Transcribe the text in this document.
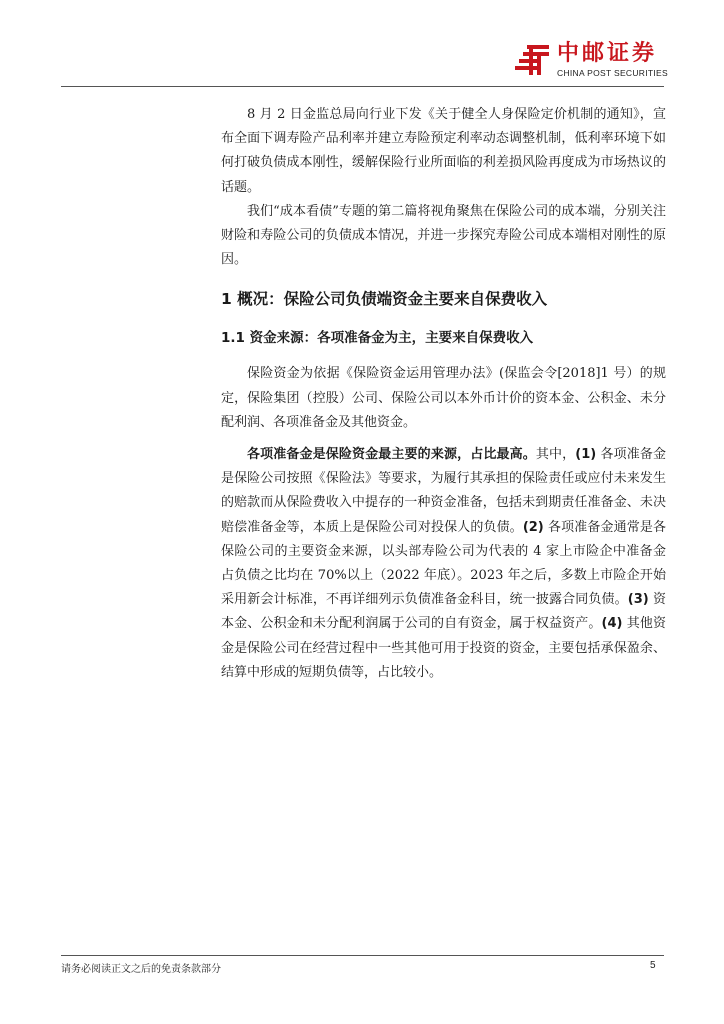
中邮证券
CHINA POST SECURITIES

8 月 2 日金监总局向行业下发《关于健全人身保险定价机制的通知》，宣布全面下调寿险产品利率并建立寿险预定利率动态调整机制，低利率环境下如何打破负债成本刚性，缓解保险行业所面临的利差损风险再度成为市场热议的话题。

我们“成本看债”专题的第二篇将视角聚焦在保险公司的成本端，分别关注财险和寿险公司的负债成本情况，并进一步探究寿险公司成本端相对刚性的原因。

1 概况：保险公司负债端资金主要来自保费收入
1.1 资金来源：各项准备金为主，主要来自保费收入

保险资金为依据《保险资金运用管理办法》(保监会令[2018]1 号）的规定，保险集团（控股）公司、保险公司以本外币计价的资本金、公积金、未分配利润、各项准备金及其他资金。

各项准备金是保险资金最主要的来源，占比最高。其中，(1) 各项准备金是保险公司按照《保险法》等要求，为履行其承担的保险责任或应付未来发生的赔款而从保险费收入中提存的一种资金准备，包括未到期责任准备金、未决赔偿准备金等，本质上是保险公司对投保人的负债。(2) 各项准备金通常是各保险公司的主要资金来源，以头部寿险公司为代表的 4 家上市险企中准备金占负债之比均在 70%以上（2022 年底）。2023 年之后，多数上市险企开始采用新会计标准，不再详细列示负债准备金科目，统一披露合同负债。(3) 资本金、公积金和未分配利润属于公司的自有资金，属于权益资产。(4) 其他资金是保险公司在经营过程中一些其他可用于投资的资金，主要包括承保盈余、结算中形成的短期负债等，占比较小。

请务必阅读正文之后的免责条款部分	5
